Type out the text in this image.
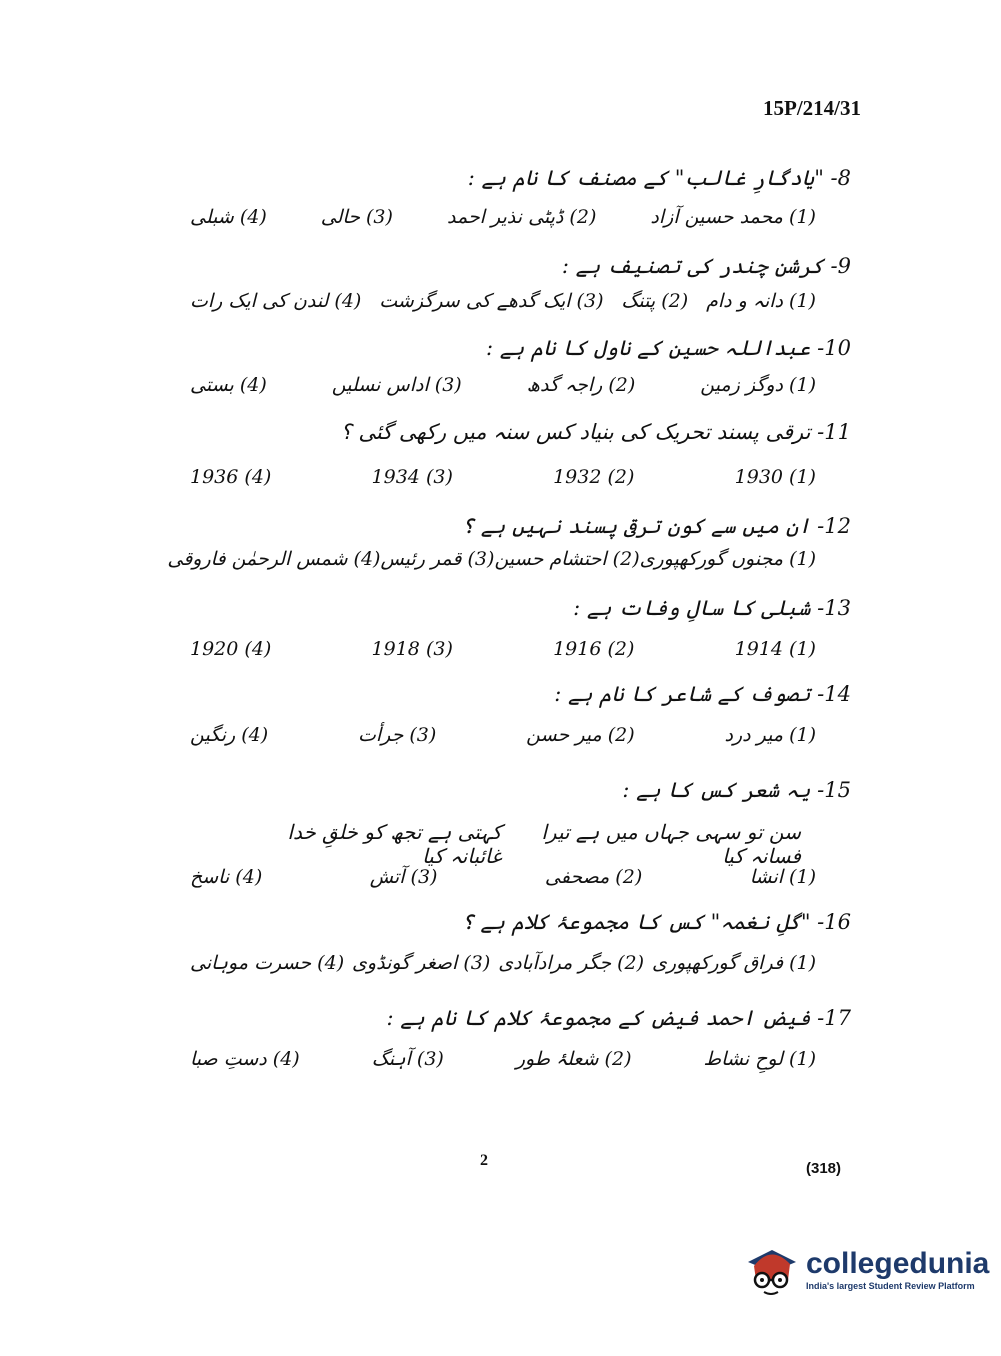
15P/214/31
8- "یادگارِ غالب" کے مصنف کا نام ہے :
(1) محمد حسین آزاد
(2) ڈپٹی نذیر احمد
(3) حالی
(4) شبلی
9- کرشن چندر کی تصنیف ہے :
(1) دانہ و دام
(2) پتنگ
(3) ایک گدھے کی سرگزشت
(4) لندن کی ایک رات
10- عبداللہ حسین کے ناول کا نام ہے :
(1) دوگز زمین
(2) راجہ گدھ
(3) اداس نسلیں
(4) بستی
11- ترقی پسند تحریک کی بنیاد کس سنہ میں رکھی گئی ؟
(1) 1930
(2) 1932
(3) 1934
(4) 1936
12- ان میں سے کون ترقی پسند نہیں ہے ؟
(1) مجنوں گورکھپوری
(2) احتشام حسین
(3) قمر رئیس
(4) شمس الرحمٰن فاروقی
13- شبلی کا سالِ وفات ہے :
(1) 1914
(2) 1916
(3) 1918
(4) 1920
14- تصوف کے شاعر کا نام ہے :
(1) میر درد
(2) میر حسن
(3) جرأت
(4) رنگین
15- یہ شعر کس کا ہے :
سن تو سہی جہاں میں ہے تیرا فسانہ کیا
کہتی ہے تجھ کو خلقِ خدا غائبانہ کیا
(1) انشا
(2) مصحفی
(3) آتش
(4) ناسخ
16- "گلِ نغمہ" کس کا مجموعۂ کلام ہے ؟
(1) فراق گورکھپوری
(2) جگر مرادآبادی
(3) اصغر گونڈوی
(4) حسرت موہانی
17- فیض احمد فیض کے مجموعۂ کلام کا نام ہے :
(1) لوحِ نشاط
(2) شعلۂ طور
(3) آہنگ
(4) دستِ صبا
2	(318)
collegedunia
India's largest Student Review Platform
